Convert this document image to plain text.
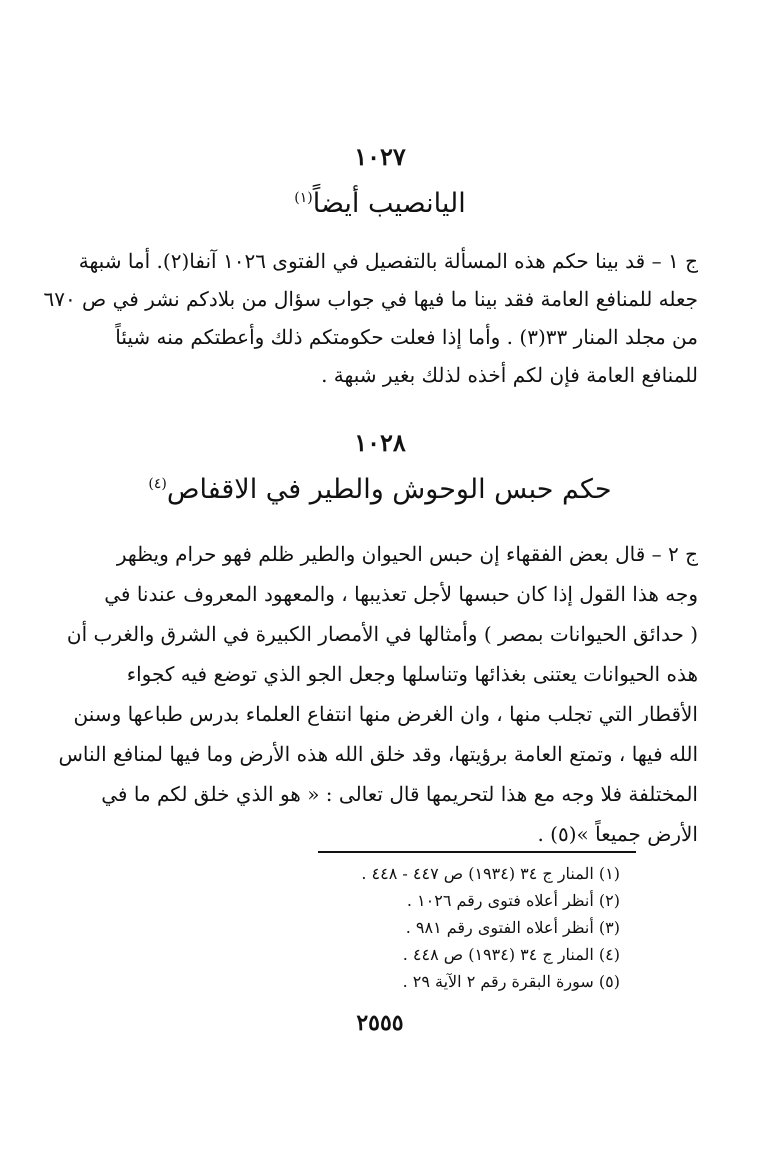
١٠٢٧
اليانصيب أيضاً$^{(١)}$
ج ١ – قد بينا حكم هذه المسألة بالتفصيل في الفتوى ١٠٢٦ آنفا(٢). أما شبهة
جعله للمنافع العامة فقد بينا ما فيها في جواب سؤال من بلادكم نشر في ص ٦٧٠
من مجلد المنار ٣٣(٣) . وأما إذا فعلت حكومتكم ذلك وأعطتكم منه شيئاً
للمنافع العامة فإن لكم أخذه لذلك بغير شبهة .
١٠٢٨
حكم حبس الوحوش والطير في الاقفاص$^{(٤)}$
ج ٢ – قال بعض الفقهاء إن حبس الحيوان والطير ظلم فهو حرام ويظهر
وجه هذا القول إذا كان حبسها لأجل تعذيبها ، والمعهود المعروف عندنا في
( حدائق الحيوانات بمصر ) وأمثالها في الأمصار الكبيرة في الشرق والغرب أن
هذه الحيوانات يعتنى بغذائها وتناسلها وجعل الجو الذي توضع فيه كجواء
الأقطار التي تجلب منها ، وان الغرض منها انتفاع العلماء بدرس طباعها وسنن
الله فيها ، وتمتع العامة برؤيتها، وقد خلق الله هذه الأرض وما فيها لمنافع الناس
المختلفة فلا وجه مع هذا لتحريمها قال تعالى : « هو الذي خلق لكم ما في
الأرض جميعاً »(٥) .
(١) المنار ج ٣٤ (١٩٣٤) ص ٤٤٧ - ٤٤٨ .
(٢) أنظر أعلاه فتوى رقم ١٠٢٦ .
(٣) أنظر أعلاه الفتوى رقم ٩٨١ .
(٤) المنار ج ٣٤ (١٩٣٤) ص ٤٤٨ .
(٥) سورة البقرة رقم ٢ الآية ٢٩ .
٢٥٥٥
